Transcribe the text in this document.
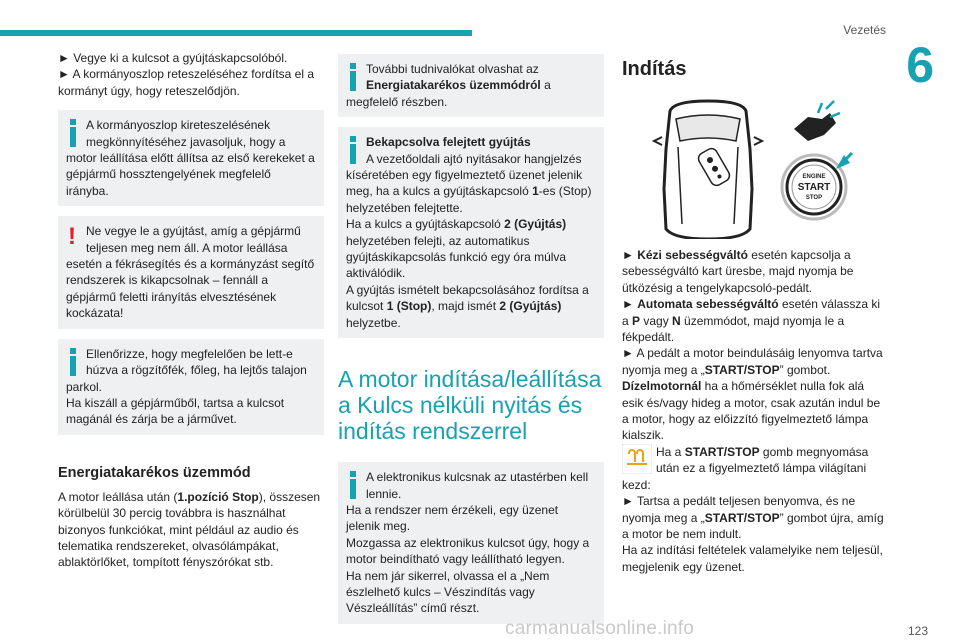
Vezetés
6

► Vegye ki a kulcsot a gyújtáskapcsolóból.

► A kormányoszlop reteszeléséhez fordítsa el a kormányt úgy, hogy reteszelődjön.

A kormányoszlop kireteszelésének megkönnyítéséhez javasoljuk, hogy a motor leállítása előtt állítsa az első kerekeket a gépjármű hossztengelyének megfelelő irányba.

! Ne vegye le a gyújtást, amíg a gépjármű teljesen meg nem áll. A motor leállása esetén a fékrásegítés és a kormányzást segítő rendszerek is kikapcsolnak – fennáll a gépjármű feletti irányítás elvesztésének kockázata!

Ellenőrizze, hogy megfelelően be lett-e húzva a rögzítőfék, főleg, ha lejtős talajon parkol.

Ha kiszáll a gépjárműből, tartsa a kulcsot magánál és zárja be a járművet.

Energiatakarékos üzemmód

A motor leállása után (1.pozíció Stop), összesen körülbelül 30 percig továbbra is használhat bizonyos funkciókat, mint például az audio és telematika rendszereket, olvasólámpákat, ablaktörlőket, tompított fényszórókat stb.

További tudnivalókat olvashat az
Energiatakarékos üzemmódról a megfelelő részben.

Bekapcsolva felejtett gyújtás

A vezetőoldali ajtó nyitásakor hangjelzés kíséretében egy figyelmeztető üzenet jelenik meg, ha a kulcs a gyújtáskapcsoló 1-es (Stop) helyzetében felejtette.

Ha a kulcs a gyújtáskapcsoló 2 (Gyújtás) helyzetében felejti, az automatikus gyújtáskikapcsolás funkció egy óra múlva aktiválódik.

A gyújtás ismételt bekapcsolásához fordítsa a kulcsot 1 (Stop), majd ismét 2 (Gyújtás) helyzetbe.

A motor indítása/leállítása a Kulcs nélküli nyitás és indítás rendszerrel

A elektronikus kulcsnak az utastérben kell lennie.

Ha a rendszer nem érzékeli, egy üzenet jelenik meg.

Mozgassa az elektronikus kulcsot úgy, hogy a motor beindítható vagy leállítható legyen.

Ha nem jár sikerrel, olvassa el a „Nem észlelhető kulcs – Vészindítás vagy Vészleállítás” című részt.

Indítás
ENGINE
START
STOP

► Kézi sebességváltó esetén kapcsolja a sebességváltó kart üresbe, majd nyomja be ütközésig a tengelykapcsoló-pedált.

► Automata sebességváltó esetén válassza ki a P vagy N üzemmódot, majd nyomja le a fékpedált.

► A pedált a motor beindulásáig lenyomva tartva nyomja meg a „START/STOP” gombot.

Dízelmotornál ha a hőmérséklet nulla fok alá esik és/vagy hideg a motor, csak azután indul be a motor, hogy az előizzító figyelmeztető lámpa kialszik.

Ha a START/STOP gomb megnyomása után ez a figyelmeztető lámpa világítani kezd:

► Tartsa a pedált teljesen benyomva, és ne nyomja meg a „START/STOP” gombot újra, amíg a motor be nem indult.

Ha az indítási feltételek valamelyike nem teljesül, megjelenik egy üzenet.

123
carmanualsonline.info
